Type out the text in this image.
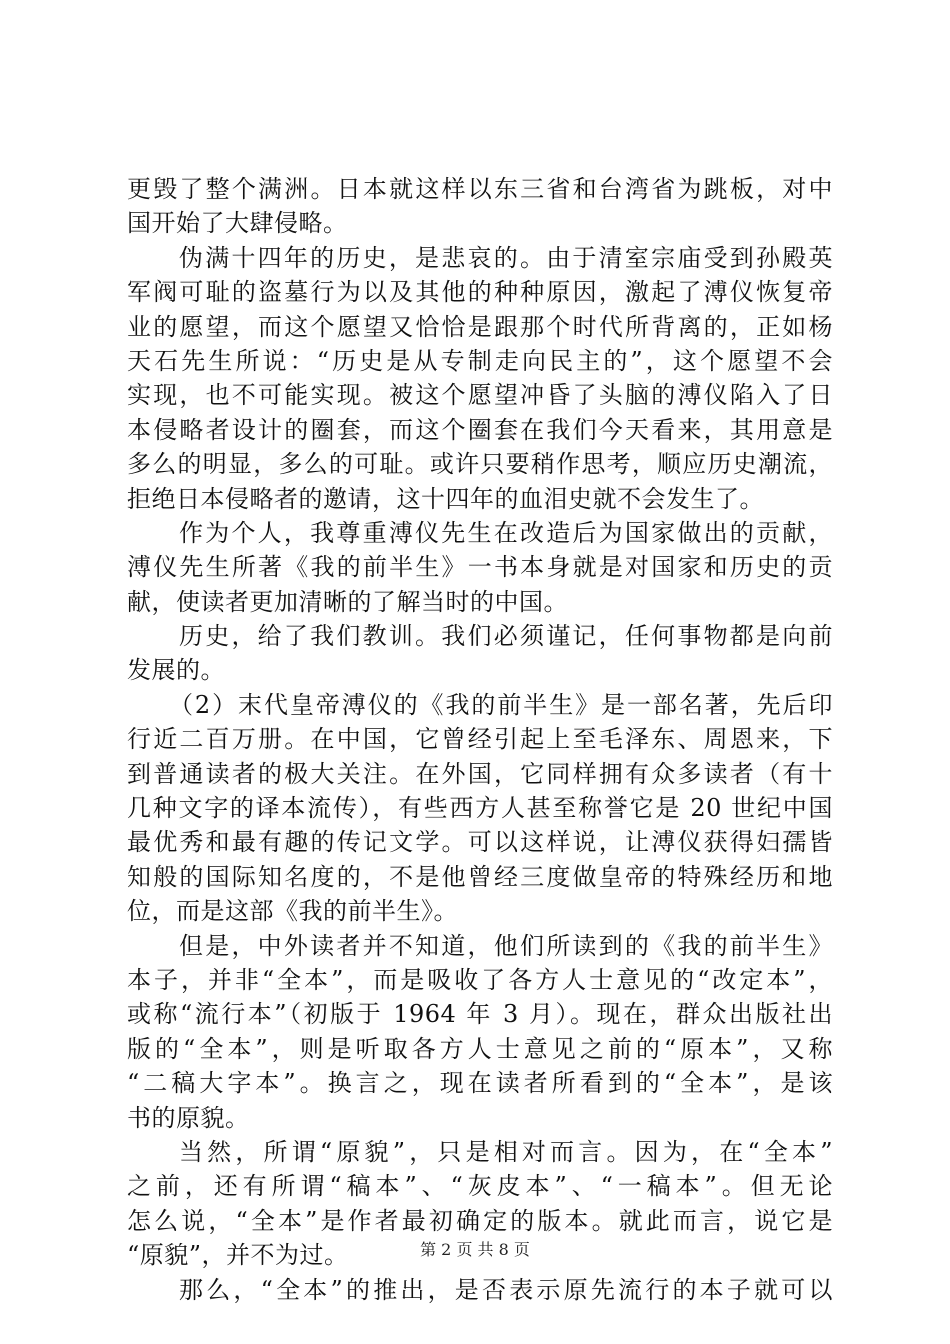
更毁了整个满洲。日本就这样以东三省和台湾省为跳板，对中
国开始了大肆侵略。
伪满十四年的历史，是悲哀的。由于清室宗庙受到孙殿英
军阀可耻的盗墓行为以及其他的种种原因，激起了溥仪恢复帝
业的愿望，而这个愿望又恰恰是跟那个时代所背离的，正如杨
天石先生所说：“历史是从专制走向民主的”，这个愿望不会
实现，也不可能实现。被这个愿望冲昏了头脑的溥仪陷入了日
本侵略者设计的圈套，而这个圈套在我们今天看来，其用意是
多么的明显，多么的可耻。或许只要稍作思考，顺应历史潮流，
拒绝日本侵略者的邀请，这十四年的血泪史就不会发生了。
作为个人，我尊重溥仪先生在改造后为国家做出的贡献，
溥仪先生所著《我的前半生》一书本身就是对国家和历史的贡
献，使读者更加清晰的了解当时的中国。
历史，给了我们教训。我们必须谨记，任何事物都是向前
发展的。
（2）末代皇帝溥仪的《我的前半生》是一部名著，先后印
行近二百万册。在中国，它曾经引起上至毛泽东、周恩来，下
到普通读者的极大关注。在外国，它同样拥有众多读者（有十
几种文字的译本流传），有些西方人甚至称誉它是 20 世纪中国
最优秀和最有趣的传记文学。可以这样说，让溥仪获得妇孺皆
知般的国际知名度的，不是他曾经三度做皇帝的特殊经历和地
位，而是这部《我的前半生》。
但是，中外读者并不知道，他们所读到的《我的前半生》
本子，并非“全本”，而是吸收了各方人士意见的“改定本”，
或称“流行本”（初版于 1964 年 3 月）。现在，群众出版社出
版的“全本”，则是听取各方人士意见之前的“原本”，又称
“二稿大字本”。换言之，现在读者所看到的“全本”，是该
书的原貌。
当然，所谓“原貌”，只是相对而言。因为，在“全本”
之前，还有所谓“稿本”、“灰皮本”、“一稿本”。但无论
怎么说，“全本”是作者最初确定的版本。就此而言，说它是
“原貌”，并不为过。
那么，“全本”的推出，是否表示原先流行的本子就可以
第 2 页 共 8 页
